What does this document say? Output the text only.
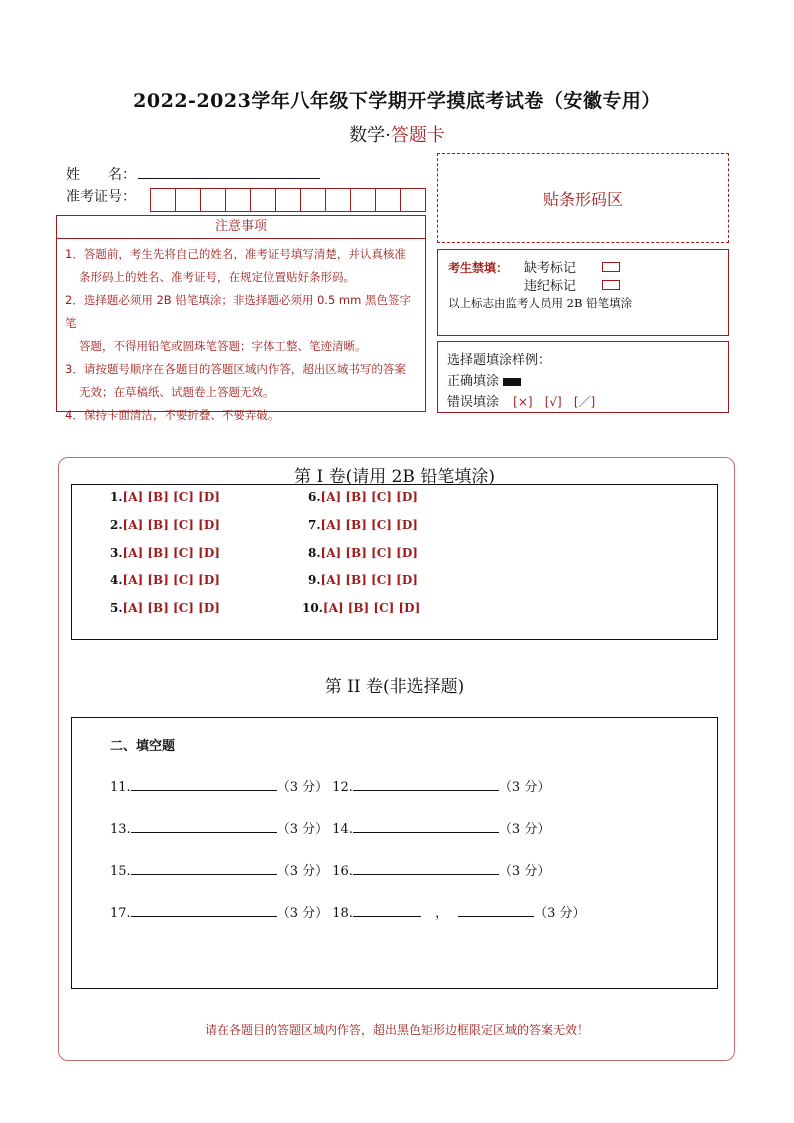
2022-2023学年八年级下学期开学摸底考试卷（安徽专用）
数学·答题卡
姓　　名：
准考证号：
注意事项
1．答题前，考生先将自己的姓名，准考证号填写清楚，并认真核准
条形码上的姓名、准考证号，在规定位置贴好条形码。
2．选择题必须用 2B 铅笔填涂；非选择题必须用 0.5 mm 黑色签字笔
答题，不得用铅笔或圆珠笔答题；字体工整、笔迹清晰。
3．请按题号顺序在各题目的答题区域内作答，超出区域书写的答案
无效；在草稿纸、试题卷上答题无效。
4．保持卡面清洁，不要折叠、不要弄破。
贴条形码区
考生禁填： 缺考标记
违纪标记
以上标志由监考人员用 2B 铅笔填涂
选择题填涂样例：
正确填涂
错误填涂 [×] [√] [／]
第 I 卷(请用 2B 铅笔填涂)
1.[A] [B] [C] [D]
2.[A] [B] [C] [D]
3.[A] [B] [C] [D]
4.[A] [B] [C] [D]
5.[A] [B] [C] [D]
6.[A] [B] [C] [D]
7.[A] [B] [C] [D]
8.[A] [B] [C] [D]
9.[A] [B] [C] [D]
10.[A] [B] [C] [D]
第 II 卷(非选择题)
二、填空题
11.	（3 分） 12.	（3 分）
13.	（3 分） 14.	（3 分）
15.	（3 分） 16.	（3 分）
17.	（3 分） 18.	，	（3 分）
请在各题目的答题区域内作答，超出黑色矩形边框限定区域的答案无效！
